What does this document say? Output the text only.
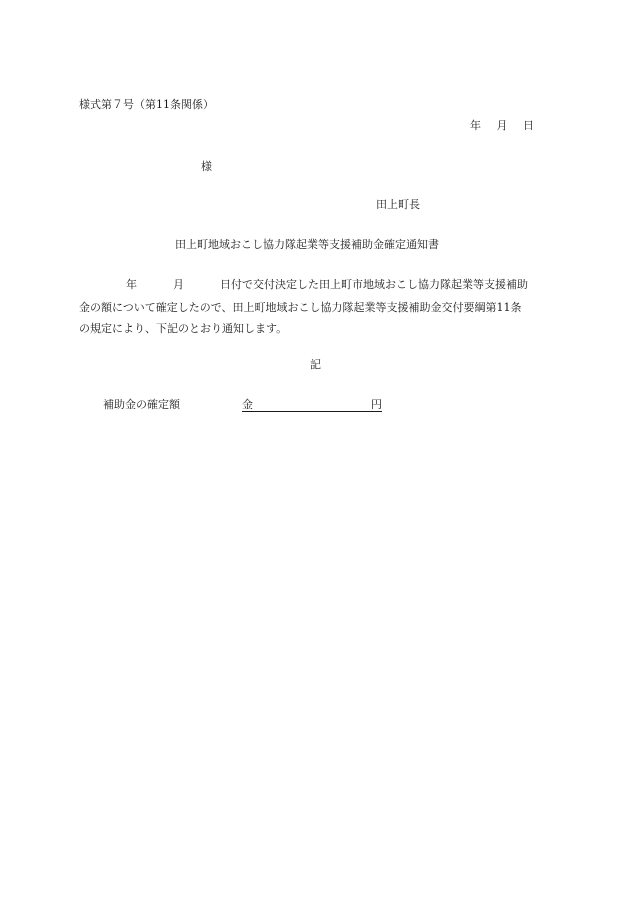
様式第７号（第11条関係）
年 月 日
様
田上町長
田上町地域おこし協力隊起業等支援補助金確定通知書
年	月	日付で交付決定した田上町市地域おこし協力隊起業等支援補助
金の額について確定したので、田上町地域おこし協力隊起業等支援補助金交付要綱第11条
の規定により、下記のとおり通知します。
記
補助金の確定額	金	円
